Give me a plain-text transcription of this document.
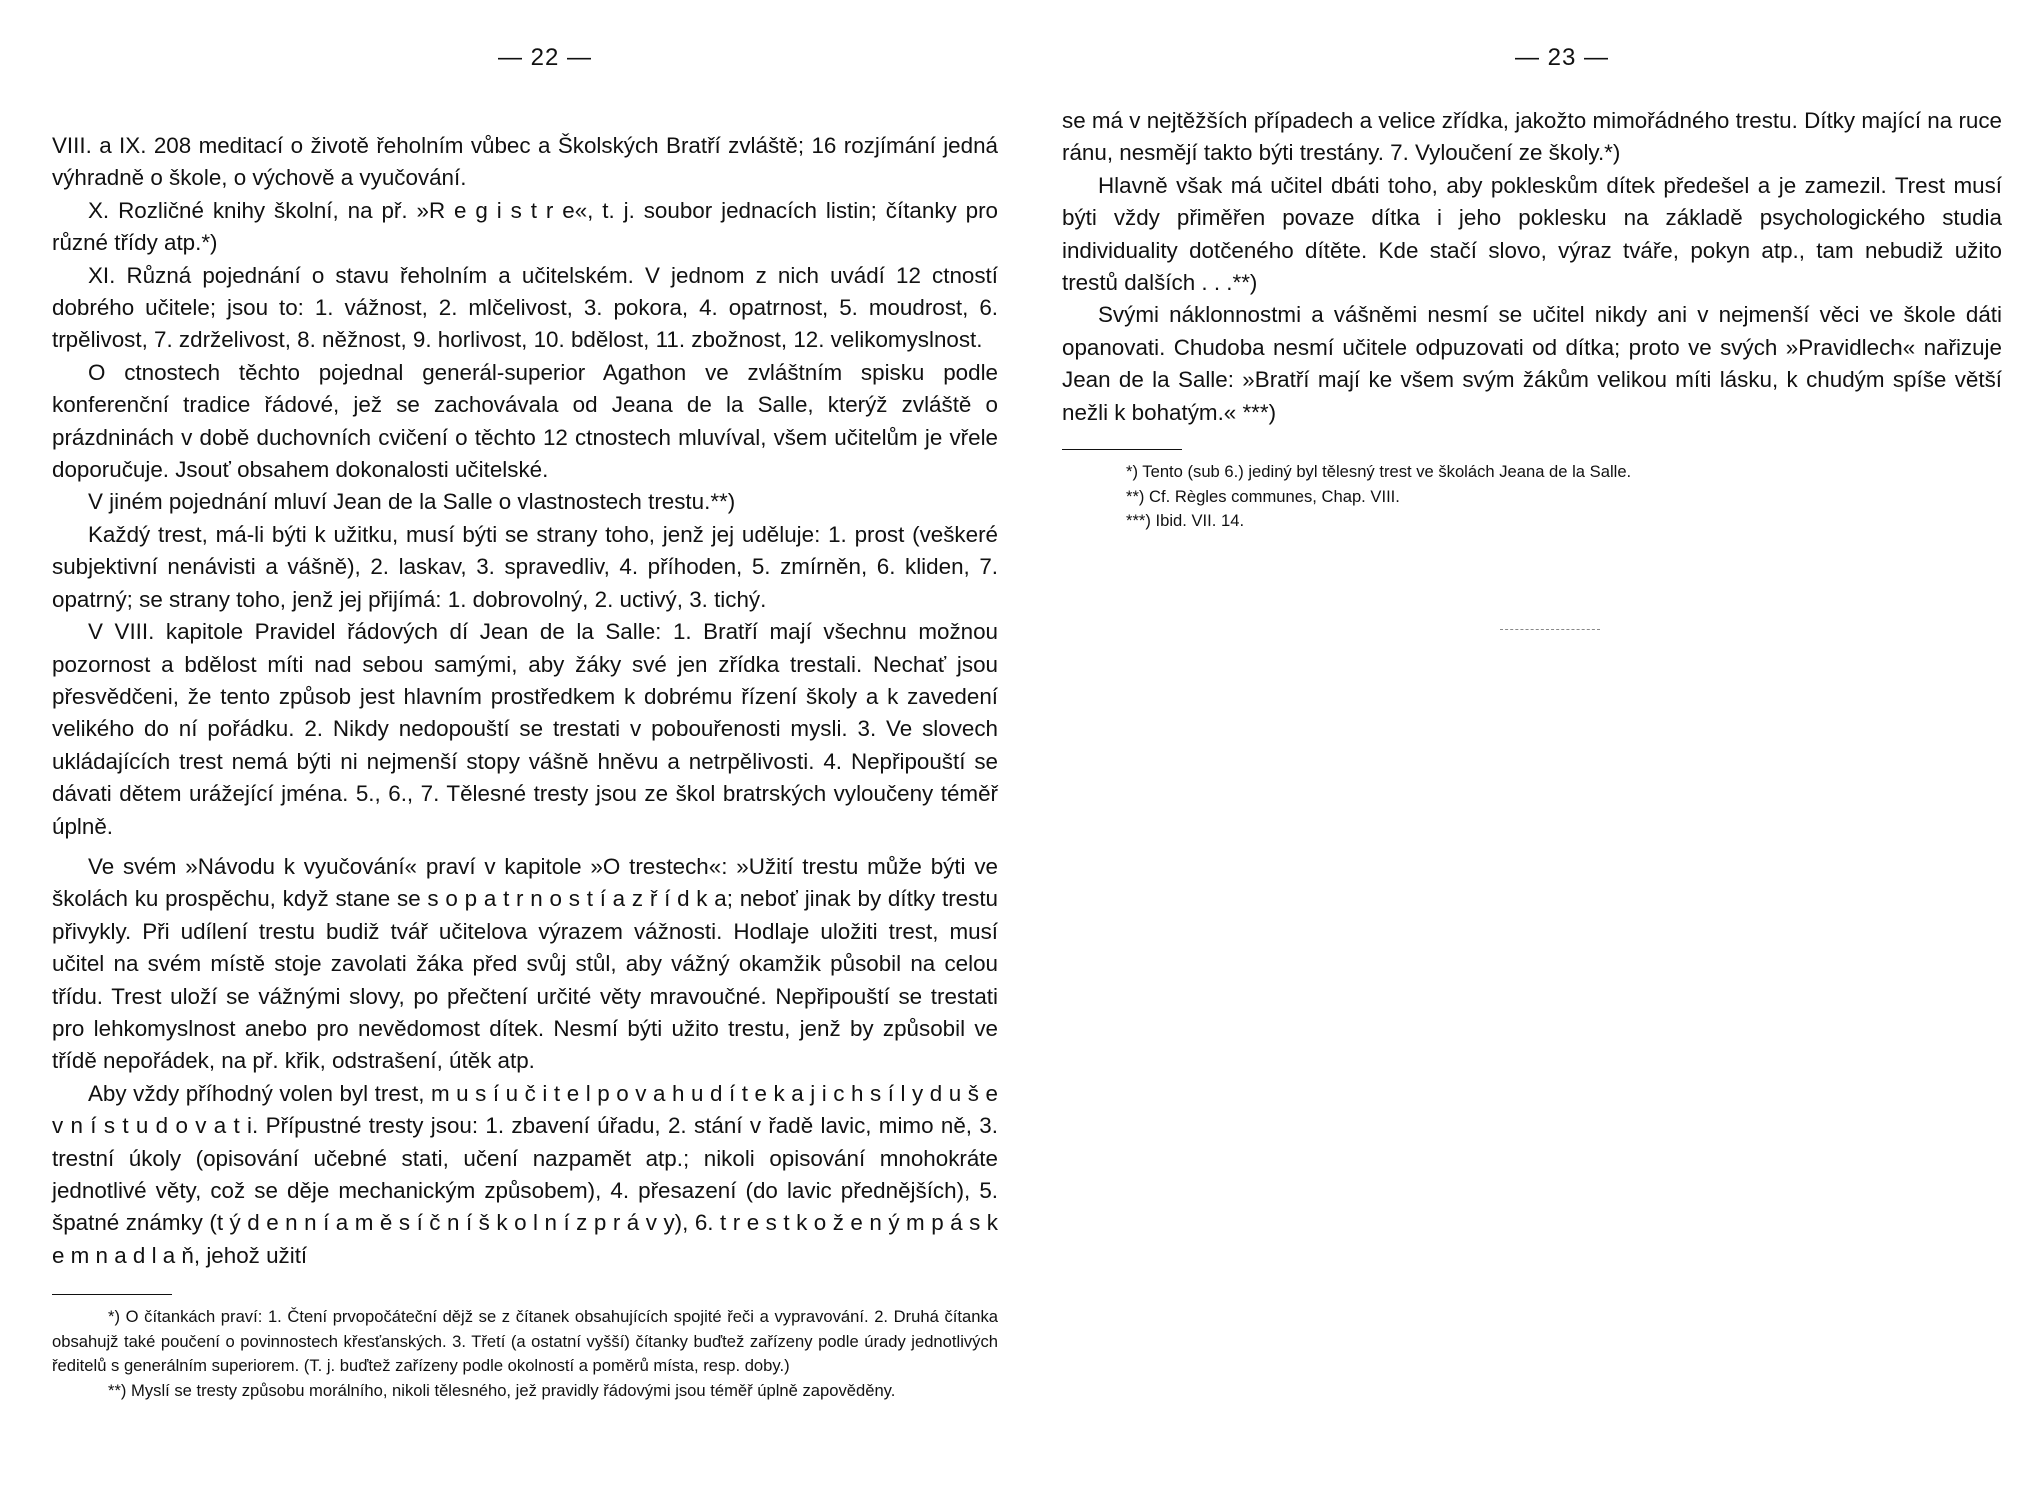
— 22 —

VIII. a IX. 208 meditací o životě řeholním vůbec a Školských Bratří zvláště; 16 rozjímání jedná výhradně o škole, o výchově a vyučování.

X. Rozličné knihy školní, na př. »R e g i s t r e«, t. j. soubor jednacích listin; čítanky pro různé třídy atp.*)

XI. Různá pojednání o stavu řeholním a učitelském. V jednom z nich uvádí 12 ctností dobrého učitele; jsou to: 1. vážnost, 2. mlčelivost, 3. pokora, 4. opatrnost, 5. moudrost, 6. trpělivost, 7. zdrželivost, 8. něžnost, 9. horlivost, 10. bdělost, 11. zbožnost, 12. velikomyslnost.

O ctnostech těchto pojednal generál-superior Agathon ve zvláštním spisku podle konferenční tradice řádové, jež se zachovávala od Jeana de la Salle, kterýž zvláště o prázdninách v době duchovních cvičení o těchto 12 ctnostech mluvíval, všem učitelům je vřele doporučuje. Jsouť obsahem dokonalosti učitelské.

V jiném pojednání mluví Jean de la Salle o vlastnostech trestu.**)

Každý trest, má-li býti k užitku, musí býti se strany toho, jenž jej uděluje: 1. prost (veškeré subjektivní nenávisti a vášně), 2. laskav, 3. spravedliv, 4. příhoden, 5. zmírněn, 6. kliden, 7. opatrný; se strany toho, jenž jej přijímá: 1. dobrovolný, 2. uctivý, 3. tichý.

V VIII. kapitole Pravidel řádových dí Jean de la Salle: 1. Bratří mají všechnu možnou pozornost a bdělost míti nad sebou samými, aby žáky své jen zřídka trestali. Nechať jsou přesvědčeni, že tento způsob jest hlavním prostředkem k dobrému řízení školy a k zavedení velikého do ní pořádku. 2. Nikdy nedopouští se trestati v pobouřenosti mysli. 3. Ve slovech ukládajících trest nemá býti ni nejmenší stopy vášně hněvu a netrpělivosti. 4. Nepřipouští se dávati dětem urážející jména. 5., 6., 7. Tělesné tresty jsou ze škol bratrských vyloučeny téměř úplně.

Ve svém »Návodu k vyučování« praví v kapitole »O trestech«: »Užití trestu může býti ve školách ku prospěchu, když stane se s o p a t r n o s t í a z ř í d k a; neboť jinak by dítky trestu přivykly. Při udílení trestu budiž tvář učitelova výrazem vážnosti. Hodlaje uložiti trest, musí učitel na svém místě stoje zavolati žáka před svůj stůl, aby vážný okamžik působil na celou třídu. Trest uloží se vážnými slovy, po přečtení určité věty mravoučné. Nepřipouští se trestati pro lehkomyslnost anebo pro nevědomost dítek. Nesmí býti užito trestu, jenž by způsobil ve třídě nepořádek, na př. křik, odstrašení, útěk atp.

Aby vždy příhodný volen byl trest, m u s í u č i t e l p o v a h u d í t e k a j i c h s í l y d u š e v n í s t u d o v a t i. Přípustné tresty jsou: 1. zbavení úřadu, 2. stání v řadě lavic, mimo ně, 3. trestní úkoly (opisování učebné stati, učení nazpamět atp.; nikoli opisování mnohokráte jednotlivé věty, což se děje mechanickým způsobem), 4. přesazení (do lavic přednějších), 5. špatné známky (t ý d e n n í a m ě s í č n í š k o l n í z p r á v y), 6. t r e s t k o ž e n ý m p á s k e m n a d l a ň, jehož užití

*) O čítankách praví: 1. Čtení prvopočáteční dějž se z čítanek obsahujících spojité řeči a vypravování. 2. Druhá čítanka obsahujž také poučení o povinnostech křesťanských. 3. Třetí (a ostatní vyšší) čítanky buďtež zařízeny podle úrady jednotlivých ředitelů s generálním superiorem. (T. j. buďtež zařízeny podle okolností a poměrů místa, resp. doby.)

**) Myslí se tresty způsobu morálního, nikoli tělesného, jež pravidly řádovými jsou téměř úplně zapověděny.

— 23 —

se má v nejtěžších případech a velice zřídka, jakožto mimořádného trestu. Dítky mající na ruce ránu, nesmějí takto býti trestány. 7. Vyloučení ze školy.*)

Hlavně však má učitel dbáti toho, aby pokleskům dítek předešel a je zamezil. Trest musí býti vždy přiměřen povaze dítka i jeho poklesku na základě psychologického studia individuality dotčeného dítěte. Kde stačí slovo, výraz tváře, pokyn atp., tam nebudiž užito trestů dalších . . .**)

Svými náklonnostmi a vášněmi nesmí se učitel nikdy ani v nejmenší věci ve škole dáti opanovati. Chudoba nesmí učitele odpuzovati od dítka; proto ve svých »Pravidlech« nařizuje Jean de la Salle: »Bratří mají ke všem svým žákům velikou míti lásku, k chudým spíše větší nežli k bohatým.« ***)

*) Tento (sub 6.) jediný byl tělesný trest ve školách Jeana de la Salle.

**) Cf. Règles communes, Chap. VIII.

***) Ibid. VII. 14.
